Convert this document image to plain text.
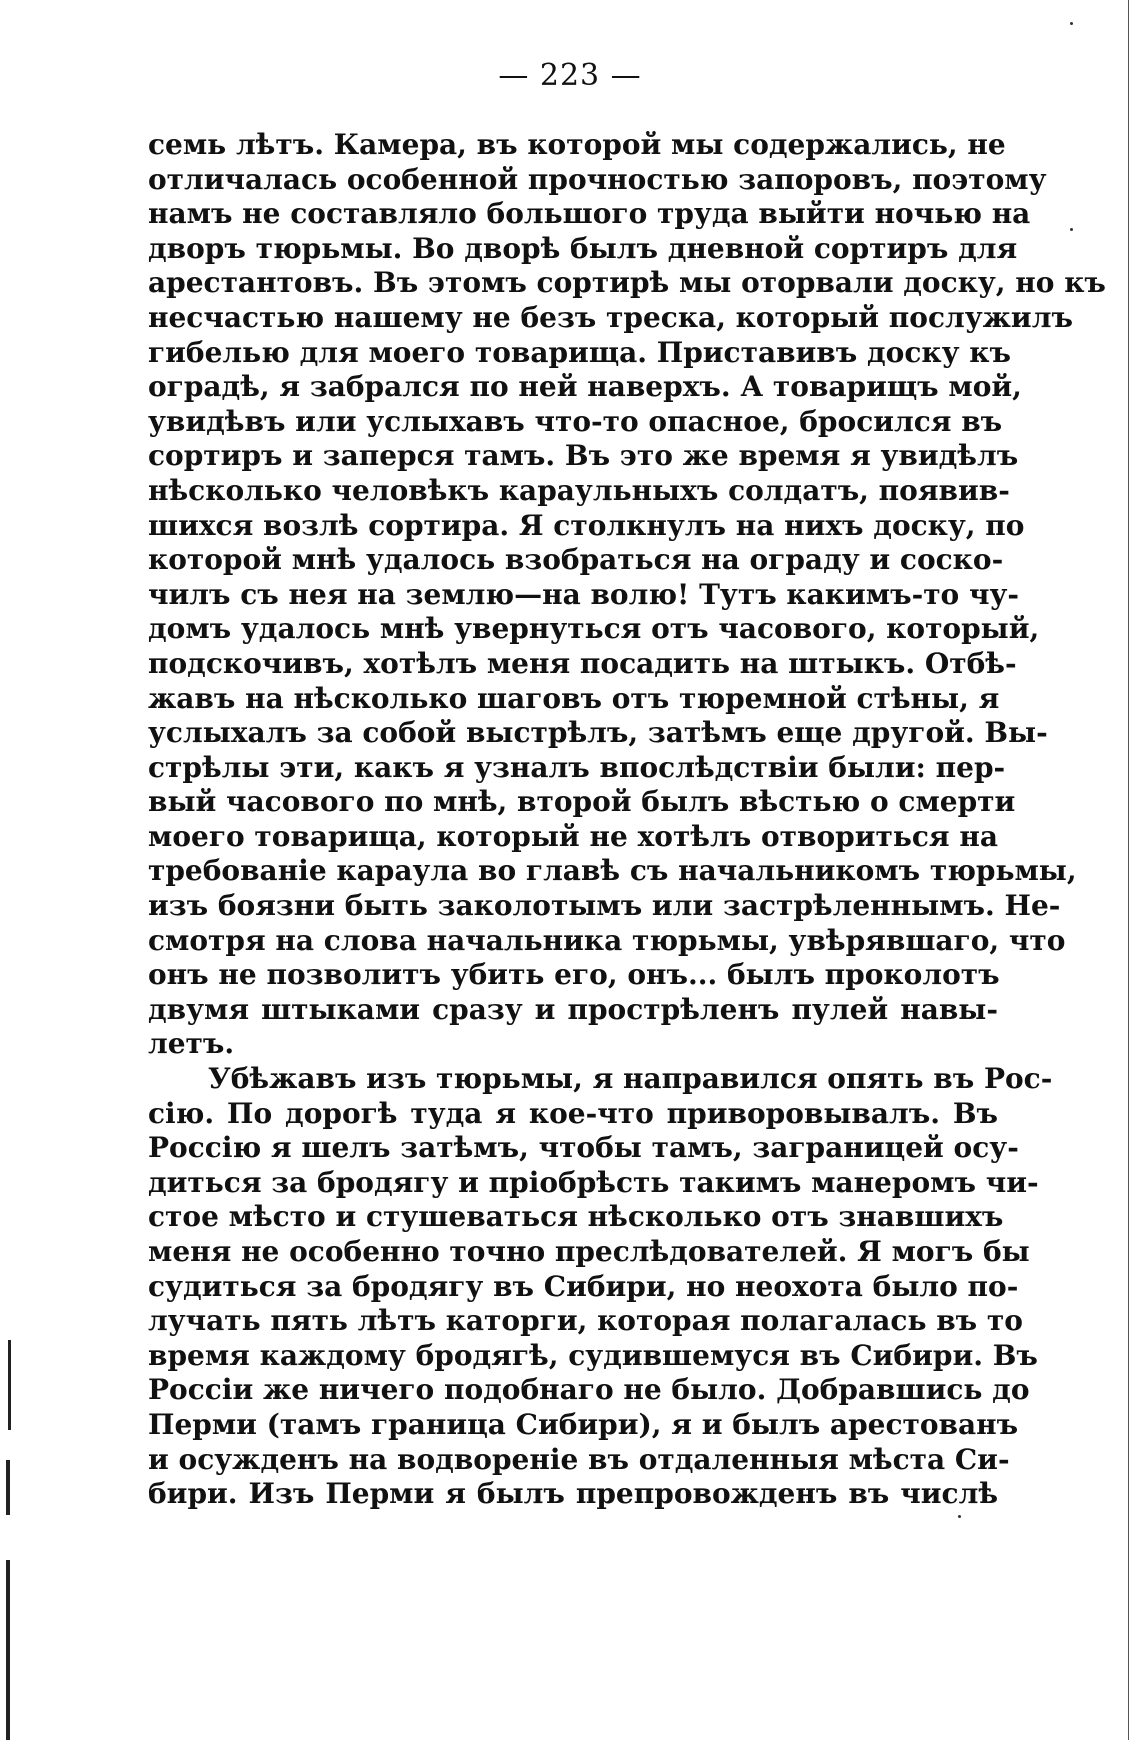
— 223 —
семь лѣтъ. Камера, въ которой мы содержались, не
отличалась особенной прочностью запоровъ, поэтому
намъ не составляло большого труда выйти ночью на
дворъ тюрьмы. Во дворѣ былъ дневной сортиръ для
арестантовъ. Въ этомъ сортирѣ мы оторвали доску, но къ
несчастью нашему не безъ треска, который послужилъ
гибелью для моего товарища. Приставивъ доску къ
оградѣ, я забрался по ней наверхъ. А товарищъ мой,
увидѣвъ или услыхавъ что-то опасное, бросился въ
сортиръ и заперся тамъ. Въ это же время я увидѣлъ
нѣсколько человѣкъ караульныхъ солдатъ, появив-
шихся возлѣ сортира. Я столкнулъ на нихъ доску, по
которой мнѣ удалось взобраться на ограду и соско-
чилъ съ нея на землю—на волю! Тутъ какимъ-то чу-
домъ удалось мнѣ увернуться отъ часового, который,
подскочивъ, хотѣлъ меня посадить на штыкъ. Отбѣ-
жавъ на нѣсколько шаговъ отъ тюремной стѣны, я
услыхалъ за собой выстрѣлъ, затѣмъ еще другой. Вы-
стрѣлы эти, какъ я узналъ впослѣдствіи были: пер-
вый часового по мнѣ, второй былъ вѣстью о смерти
моего товарища, который не хотѣлъ отвориться на
требованіе караула во главѣ съ начальникомъ тюрьмы,
изъ боязни быть заколотымъ или застрѣленнымъ. Не-
смотря на слова начальника тюрьмы, увѣрявшаго, что
онъ не позволитъ убить его, онъ... былъ проколотъ
двумя штыками сразу и прострѣленъ пулей навы-
летъ.
Убѣжавъ изъ тюрьмы, я направился опять въ Рос-
сію. По дорогѣ туда я кое-что приворовывалъ. Въ
Россію я шелъ затѣмъ, чтобы тамъ, заграницей осу-
диться за бродягу и пріобрѣсть такимъ манеромъ чи-
стое мѣсто и стушеваться нѣсколько отъ знавшихъ
меня не особенно точно преслѣдователей. Я могъ бы
судиться за бродягу въ Сибири, но неохота было по-
лучать пять лѣтъ каторги, которая полагалась въ то
время каждому бродягѣ, судившемуся въ Сибири. Въ
Россіи же ничего подобнаго не было. Добравшись до
Перми (тамъ граница Сибири), я и былъ арестованъ
и осужденъ на водвореніе въ отдаленныя мѣста Си-
бири. Изъ Перми я былъ препровожденъ въ числѣ
